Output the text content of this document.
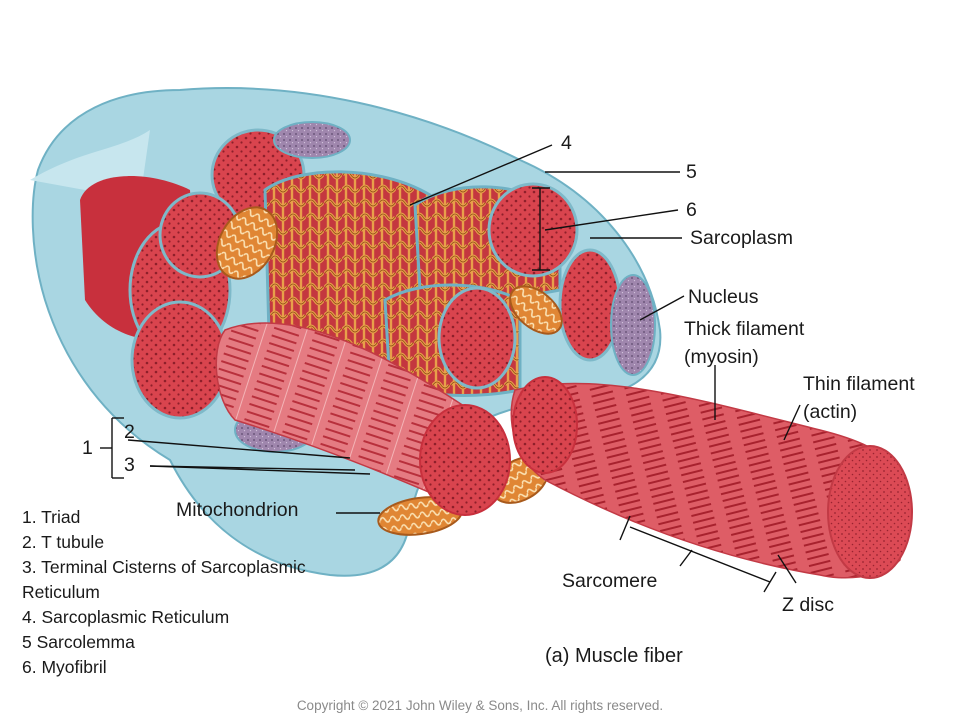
4
5
6
Sarcoplasm
Nucleus
Thick filament
(myosin)
Thin filament
(actin)
Mitochondrion
Sarcomere
Z disc
1
2
3
1. Triad
2. T tubule
3. Terminal Cisterns of Sarcoplasmic
Reticulum
4. Sarcoplasmic Reticulum
5 Sarcolemma
6. Myofibril	(a) Muscle fiber
Copyright © 2021 John Wiley & Sons, Inc. All rights reserved.
